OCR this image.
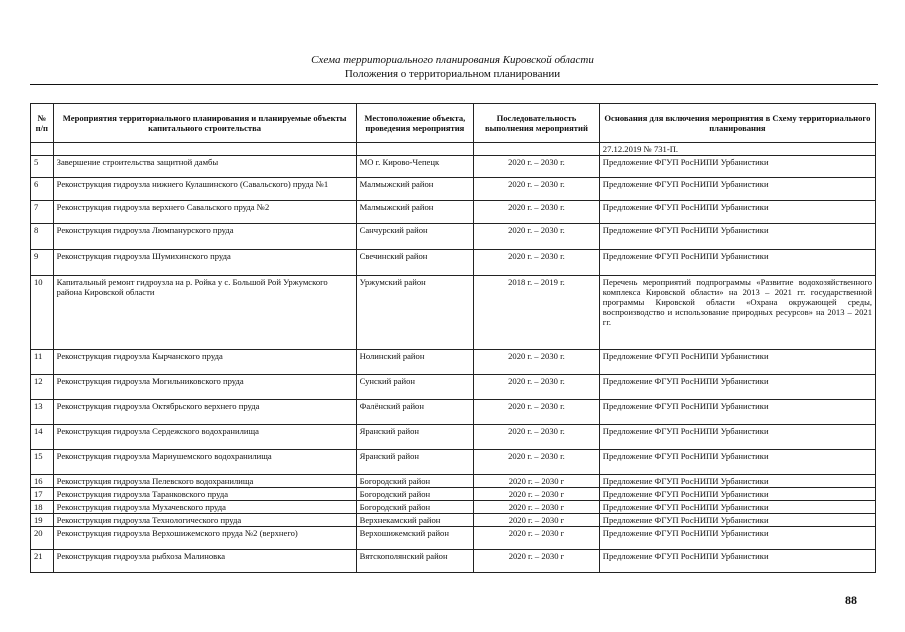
Схема территориального планирования Кировской области
Положения о территориальном планировании
№ п/п	Мероприятия территориального планирования и планируемые объекты капитального строительства	Местоположение объекта, проведения мероприятия	Последовательность выполнения мероприятий	Основания для включения мероприятия в Схему территориального планирования
				27.12.2019 № 731-П.
5	Завершение строительства защитной дамбы	МО г. Кирово-Чепецк	2020 г. – 2030 г.	Предложение ФГУП РосНИПИ Урбанистики
6	Реконструкция гидроузла нижнего Кулашинского (Савальского) пруда №1	Малмыжский район	2020 г. – 2030 г.	Предложение ФГУП РосНИПИ Урбанистики
7	Реконструкция гидроузла верхнего Савальского пруда №2	Малмыжский район	2020 г. – 2030 г.	Предложение ФГУП РосНИПИ Урбанистики
8	Реконструкция гидроузла Люмпанурского пруда	Санчурский район	2020 г. – 2030 г.	Предложение ФГУП РосНИПИ Урбанистики
9	Реконструкция гидроузла Шумихинского пруда	Свечинский район	2020 г. – 2030 г.	Предложение ФГУП РосНИПИ Урбанистики
10	Капитальный ремонт гидроузла на р. Ройка у с. Большой Рой Уржумского района Кировской области	Уржумский район	2018 г. – 2019 г.	Перечень мероприятий подпрограммы «Развитие водохозяйственного комплекса Кировской области» на 2013 – 2021 гг. государственной программы Кировской области «Охрана окружающей среды, воспроизводство и использование природных ресурсов» на 2013 – 2021 гг.
11	Реконструкция гидроузла Кырчанского пруда	Нолинский район	2020 г. – 2030 г.	Предложение ФГУП РосНИПИ Урбанистики
12	Реконструкция гидроузла Могильниковского пруда	Сунский район	2020 г. – 2030 г.	Предложение ФГУП РосНИПИ Урбанистики
13	Реконструкция гидроузла Октябрьского верхнего пруда	Фалёнский район	2020 г. – 2030 г.	Предложение ФГУП РосНИПИ Урбанистики
14	Реконструкция гидроузла Сердежского водохранилища	Яранский район	2020 г. – 2030 г.	Предложение ФГУП РосНИПИ Урбанистики
15	Реконструкция гидроузла Мариушемского водохранилища	Яранский район	2020 г. – 2030 г.	Предложение ФГУП РосНИПИ Урбанистики
16	Реконструкция гидроузла Пелевского водохранилища	Богородский район	2020 г. – 2030 г	Предложение ФГУП РосНИПИ Урбанистики
17	Реконструкция гидроузла Таранковского пруда	Богородский район	2020 г. – 2030 г	Предложение ФГУП РосНИПИ Урбанистики
18	Реконструкция гидроузла Мухачевского пруда	Богородский район	2020 г. – 2030 г	Предложение ФГУП РосНИПИ Урбанистики
19	Реконструкция гидроузла Технологического пруда	Верхнекамский район	2020 г. – 2030 г	Предложение ФГУП РосНИПИ Урбанистики
20	Реконструкция гидроузла Верхошижемского пруда №2 (верхнего)	Верхошижемский район	2020 г. – 2030 г	Предложение ФГУП РосНИПИ Урбанистики
21	Реконструкция гидроузла рыбхоза Малиновка	Вятскополянский район	2020 г. – 2030 г	Предложение ФГУП РосНИПИ Урбанистики
88
